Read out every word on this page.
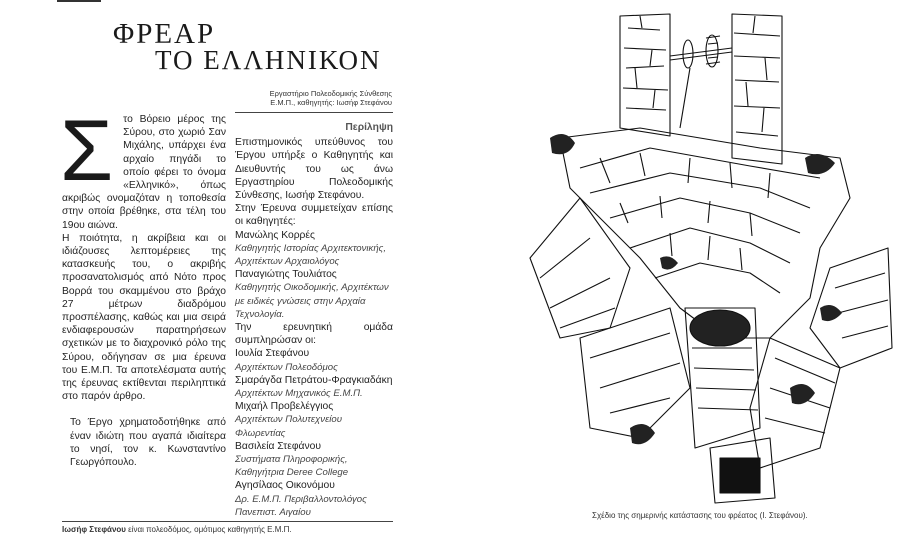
ΦΡΕΑΡ
ΤΟ ΕΛΛΗΝΙΚΟΝ
Εργαστήριο Πολεοδομικής Σύνθεσης
Ε.Μ.Π., καθηγητής: Ιωσήφ Στεφάνου
Σ το Βόρειο μέρος της Σύρου, στο χωριό Σαν Μιχάλης, υπάρχει ένα αρχαίο πηγάδι το οποίο φέρει το όνομα «Ελληνικό», όπως ακριβώς ονομαζόταν η τοποθεσία στην οποία βρέθηκε, στα τέλη του 19ου αιώνα.

Η ποιότητα, η ακρίβεια και οι ιδιάζουσες λεπτομέρειες της κατασκευής του, ο ακριβής προσανατολισμός από Νότο προς Βορρά του σκαμμένου στο βράχο 27 μέτρων διαδρόμου προσπέλασης, καθώς και μια σειρά ενδιαφερουσών παρατηρήσεων σχετικών με το διαχρονικό ρόλο της Σύρου, οδήγησαν σε μια έρευνα του Ε.Μ.Π. Τα αποτελέσματα αυτής της έρευνας εκτίθενται περιληπτικά στο παρόν άρθρο.

Το Έργο χρηματοδοτήθηκε από έναν ιδιώτη που αγαπά ιδιαίτερα το νησί, τον κ. Κωνσταντίνο Γεωργόπουλο.

Περίληψη

Επιστημονικός υπεύθυνος του Έργου υπήρξε ο Καθηγητής και Διευθυντής του ως άνω Εργαστηρίου Πολεοδομικής Σύνθεσης, Ιωσήφ Στεφάνου.

Στην Έρευνα συμμετείχαν επίσης οι καθηγητές:

Μανώλης Κορρές
Καθηγητής Ιστορίας Αρχιτεκτονικής, Αρχιτέκτων Αρχαιολόγος
Παναγιώτης Τουλιάτος
Καθηγητής Οικοδομικής, Αρχιτέκτων με ειδικές γνώσεις στην Αρχαία Τεχνολογία.

Την ερευνητική ομάδα συμπληρώσαν οι:

Ιουλία Στεφάνου
Αρχιτέκτων Πολεοδόμος
Σμαράγδα Πετράτου-Φραγκιαδάκη
Αρχιτέκτων Μηχανικός Ε.Μ.Π.
Μιχαήλ Προβελέγγιος
Αρχιτέκτων Πολυτεχνείου Φλωρεντίας
Βασιλεία Στεφάνου
Συστήματα Πληροφορικής, Καθηγήτρια Deree College
Αγησίλαος Οικονόμου
Δρ. Ε.Μ.Π. Περιβαλλοντολόγος Πανεπιστ. Αιγαίου
Ιωσήφ Στεφάνου είναι πολεοδόμος, ομότιμος καθηγητής Ε.Μ.Π.
Σχέδιο της σημερινής κατάστασης του φρέατος (Ι. Στεφάνου).
